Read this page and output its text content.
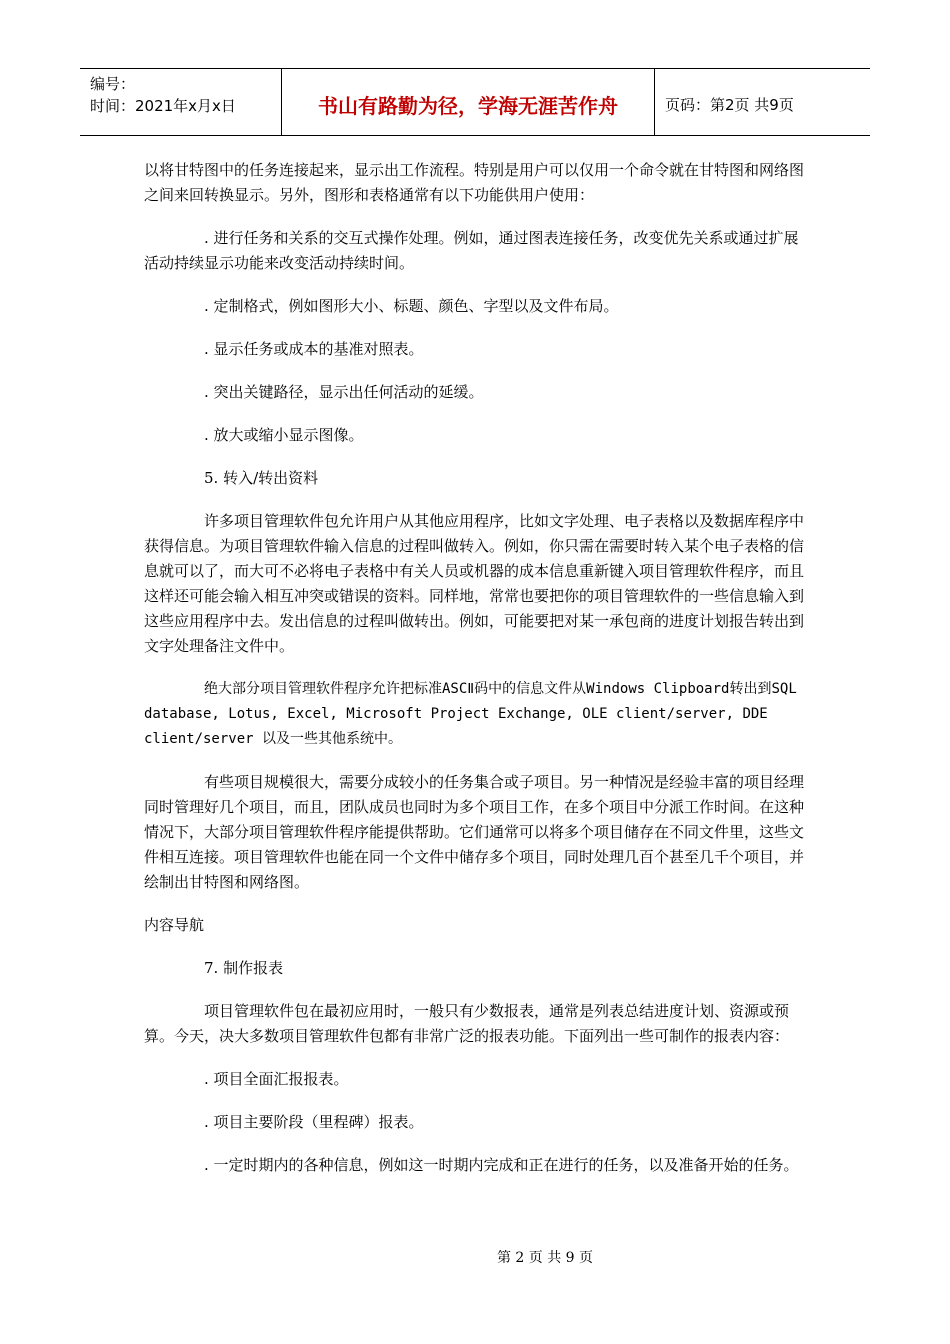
编号：
时间：2021年x月x日	书山有路勤为径，学海无涯苦作舟	页码：第2页 共9页

以将甘特图中的任务连接起来，显示出工作流程。特别是用户可以仅用一个命令就在甘特图和网络图之间来回转换显示。另外，图形和表格通常有以下功能供用户使用：

. 进行任务和关系的交互式操作处理。例如，通过图表连接任务，改变优先关系或通过扩展活动持续显示功能来改变活动持续时间。

. 定制格式，例如图形大小、标题、颜色、字型以及文件布局。

. 显示任务或成本的基准对照表。

. 突出关键路径，显示出任何活动的延缓。

. 放大或缩小显示图像。

5. 转入/转出资料

许多项目管理软件包允许用户从其他应用程序，比如文字处理、电子表格以及数据库程序中获得信息。为项目管理软件输入信息的过程叫做转入。例如，你只需在需要时转入某个电子表格的信息就可以了，而大可不必将电子表格中有关人员或机器的成本信息重新键入项目管理软件程序，而且这样还可能会输入相互冲突或错误的资料。同样地，常常也要把你的项目管理软件的一些信息输入到这些应用程序中去。发出信息的过程叫做转出。例如，可能要把对某一承包商的进度计划报告转出到文字处理备注文件中。

绝大部分项目管理软件程序允许把标准ASCⅡ码中的信息文件从Windows Clipboard转出到SQL database, Lotus, Excel, Microsoft Project Exchange, OLE client/server, DDE client/server 以及一些其他系统中。

有些项目规模很大，需要分成较小的任务集合或子项目。另一种情况是经验丰富的项目经理同时管理好几个项目，而且，团队成员也同时为多个项目工作，在多个项目中分派工作时间。在这种情况下，大部分项目管理软件程序能提供帮助。它们通常可以将多个项目储存在不同文件里，这些文件相互连接。项目管理软件也能在同一个文件中储存多个项目，同时处理几百个甚至几千个项目，并绘制出甘特图和网络图。

内容导航

7. 制作报表

项目管理软件包在最初应用时，一般只有少数报表，通常是列表总结进度计划、资源或预算。今天，决大多数项目管理软件包都有非常广泛的报表功能。下面列出一些可制作的报表内容：

. 项目全面汇报报表。

. 项目主要阶段（里程碑）报表。

. 一定时期内的各种信息，例如这一时期内完成和正在进行的任务，以及准备开始的任务。

第 2 页 共 9 页
